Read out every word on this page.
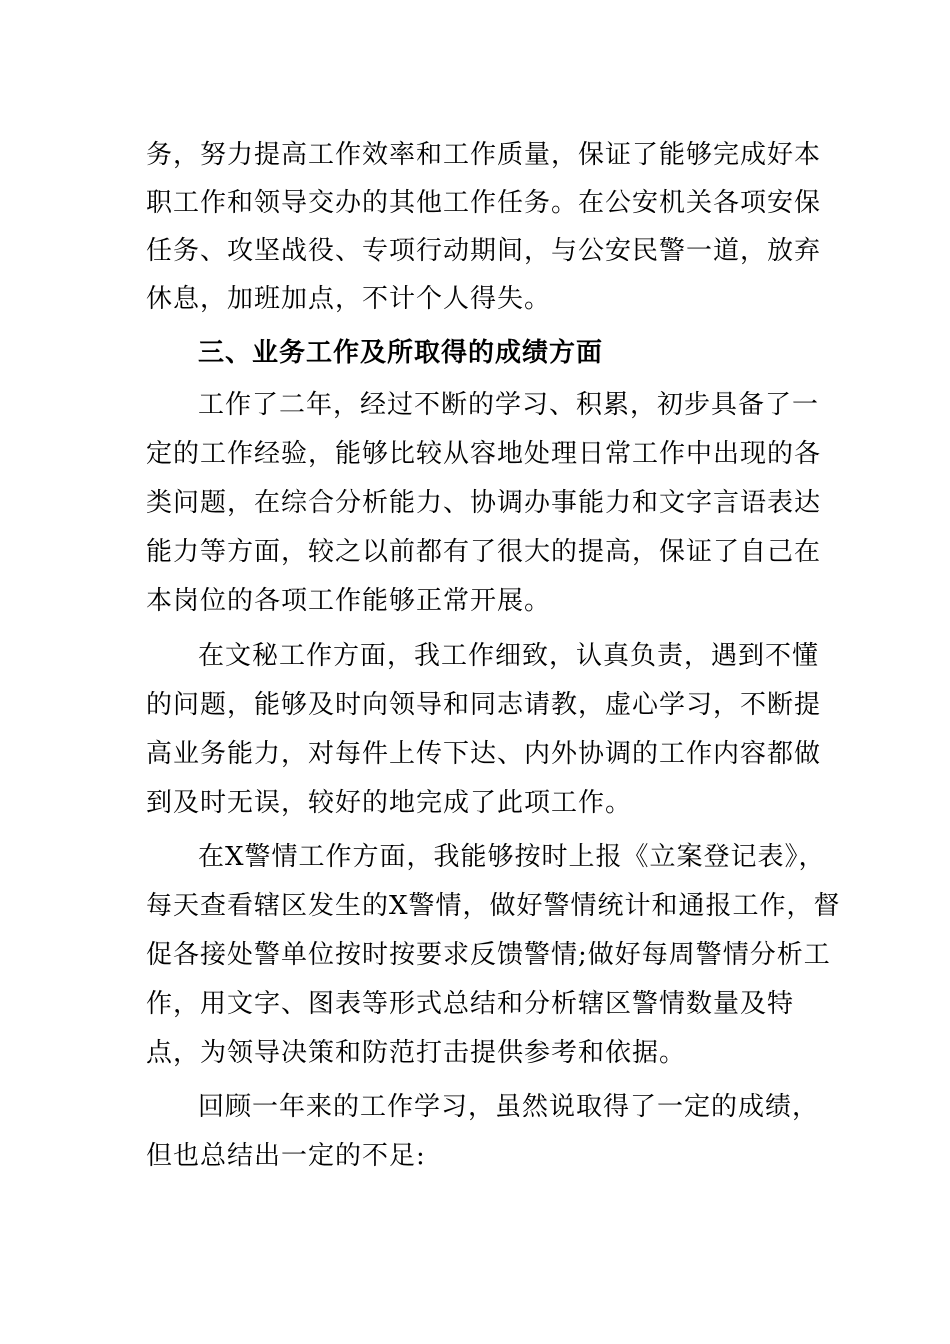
务，努力提高工作效率和工作质量，保证了能够完成好本

职工作和领导交办的其他工作任务。在公安机关各项安保

任务、攻坚战役、专项行动期间，与公安民警一道，放弃

休息，加班加点，不计个人得失。

三、业务工作及所取得的成绩方面

工作了二年，经过不断的学习、积累，初步具备了一

定的工作经验，能够比较从容地处理日常工作中出现的各

类问题，在综合分析能力、协调办事能力和文字言语表达

能力等方面，较之以前都有了很大的提高，保证了自己在

本岗位的各项工作能够正常开展。

在文秘工作方面，我工作细致，认真负责，遇到不懂

的问题，能够及时向领导和同志请教，虚心学习，不断提

高业务能力，对每件上传下达、内外协调的工作内容都做

到及时无误，较好的地完成了此项工作。

在X警情工作方面，我能够按时上报《立案登记表》，

每天查看辖区发生的X警情，做好警情统计和通报工作，督

促各接处警单位按时按要求反馈警情;做好每周警情分析工

作，用文字、图表等形式总结和分析辖区警情数量及特

点，为领导决策和防范打击提供参考和依据。

回顾一年来的工作学习，虽然说取得了一定的成绩，

但也总结出一定的不足:
